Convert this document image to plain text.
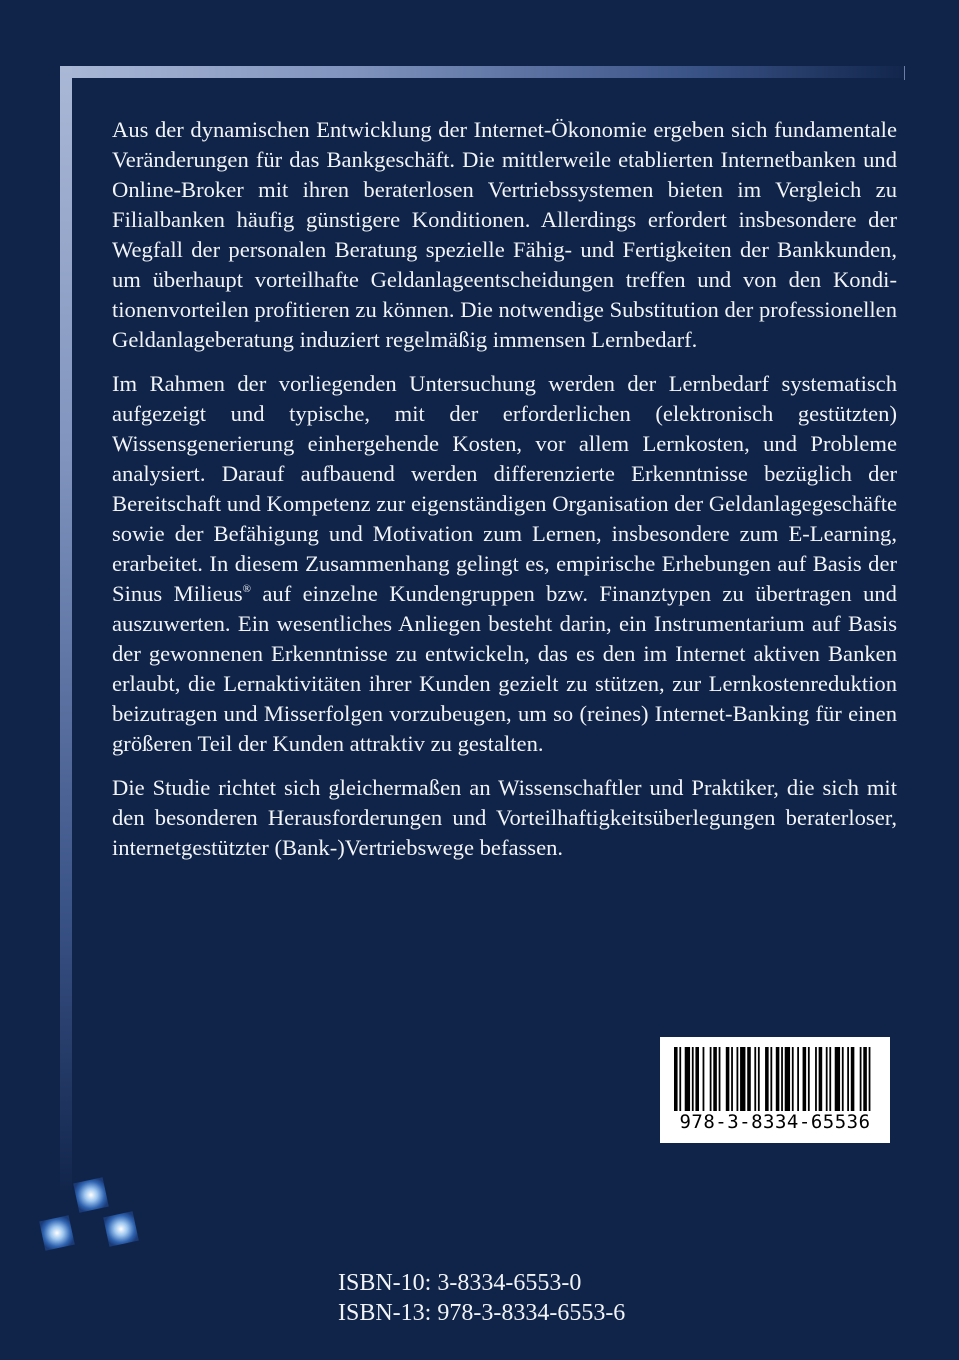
Aus der dynamischen Entwicklung der Internet-Ökonomie ergeben sich fundamentale Veränderungen für das Bankgeschäft. Die mittlerweile etablierten Internetbanken und Online-Broker mit ihren beraterlosen Vertriebssystemen bieten im Vergleich zu Filialbanken häufig günstigere Konditionen. Allerdings erfordert insbesondere der Wegfall der personalen Beratung spezielle Fähig- und Fertigkeiten der Bankkunden, um überhaupt vorteilhafte Geldanlageentscheidungen treffen und von den Konditionenvorteilen profitieren zu können. Die notwendige Substitution der professionellen Geldanlageberatung induziert regelmäßig immensen Lernbedarf.

Im Rahmen der vorliegenden Untersuchung werden der Lernbedarf systematisch aufgezeigt und typische, mit der erforderlichen (elektronisch gestützten) Wissensgenerierung einhergehende Kosten, vor allem Lernkosten, und Probleme analysiert. Darauf aufbauend werden differenzierte Erkenntnisse bezüglich der Bereitschaft und Kompetenz zur eigenständigen Organisation der Geldanlagegeschäfte sowie der Befähigung und Motivation zum Lernen, insbesondere zum E-Learning, erarbeitet. In diesem Zusammenhang gelingt es, empirische Erhebungen auf Basis der Sinus Milieus® auf einzelne Kundengruppen bzw. Finanztypen zu übertragen und auszuwerten. Ein wesentliches Anliegen besteht darin, ein Instrumentarium auf Basis der gewonnenen Erkenntnisse zu entwickeln, das es den im Internet aktiven Banken erlaubt, die Lernaktivitäten ihrer Kunden gezielt zu stützen, zur Lernkostenreduktion beizutragen und Misserfolgen vorzubeugen, um so (reines) Internet-Banking für einen größeren Teil der Kunden attraktiv zu gestalten.

Die Studie richtet sich gleichermaßen an Wissenschaftler und Praktiker, die sich mit den besonderen Herausforderungen und Vorteilhaftigkeitsüberlegungen beraterloser, internetgestützter (Bank-)Vertriebswege befassen.

978-3-8334-65536
ISBN-10: 3-8334-6553-0
ISBN-13: 978-3-8334-6553-6
